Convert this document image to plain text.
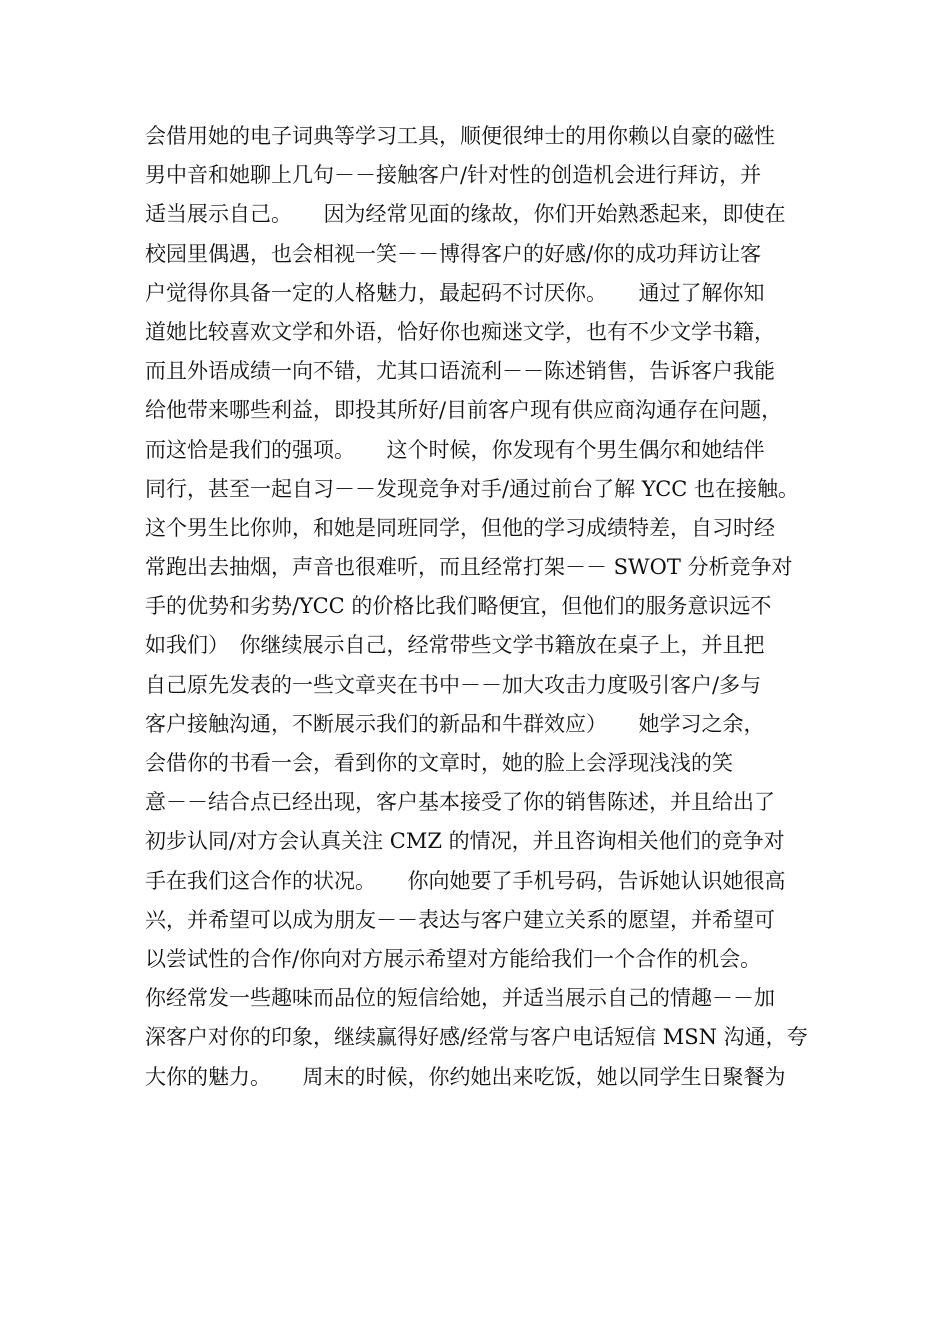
会借用她的电子词典等学习工具，顺便很绅士的用你赖以自豪的磁性
男中音和她聊上几句－－接触客户/针对性的创造机会进行拜访，并
适当展示自己。　　因为经常见面的缘故，你们开始熟悉起来，即使在
校园里偶遇，也会相视一笑－－博得客户的好感/你的成功拜访让客
户觉得你具备一定的人格魅力，最起码不讨厌你。　　通过了解你知
道她比较喜欢文学和外语，恰好你也痴迷文学，也有不少文学书籍，
而且外语成绩一向不错，尤其口语流利－－陈述销售，告诉客户我能
给他带来哪些利益，即投其所好/目前客户现有供应商沟通存在问题，
而这恰是我们的强项。　　这个时候，你发现有个男生偶尔和她结伴
同行，甚至一起自习－－发现竞争对手/通过前台了解 YCC 也在接触。
这个男生比你帅，和她是同班同学，但他的学习成绩特差，自习时经
常跑出去抽烟，声音也很难听，而且经常打架－－ SWOT 分析竞争对
手的优势和劣势/YCC 的价格比我们略便宜，但他们的服务意识远不
如我们）　你继续展示自己，经常带些文学书籍放在桌子上，并且把
自己原先发表的一些文章夹在书中－－加大攻击力度吸引客户/多与
客户接触沟通，不断展示我们的新品和牛群效应）　　她学习之余，
会借你的书看一会，看到你的文章时，她的脸上会浮现浅浅的笑
意－－结合点已经出现，客户基本接受了你的销售陈述，并且给出了
初步认同/对方会认真关注 CMZ 的情况，并且咨询相关他们的竞争对
手在我们这合作的状况。　　你向她要了手机号码，告诉她认识她很高
兴，并希望可以成为朋友－－表达与客户建立关系的愿望，并希望可
以尝试性的合作/你向对方展示希望对方能给我们一个合作的机会。
你经常发一些趣味而品位的短信给她，并适当展示自己的情趣－－加
深客户对你的印象，继续赢得好感/经常与客户电话短信 MSN 沟通，夸
大你的魅力。　　周末的时候，你约她出来吃饭，她以同学生日聚餐为
